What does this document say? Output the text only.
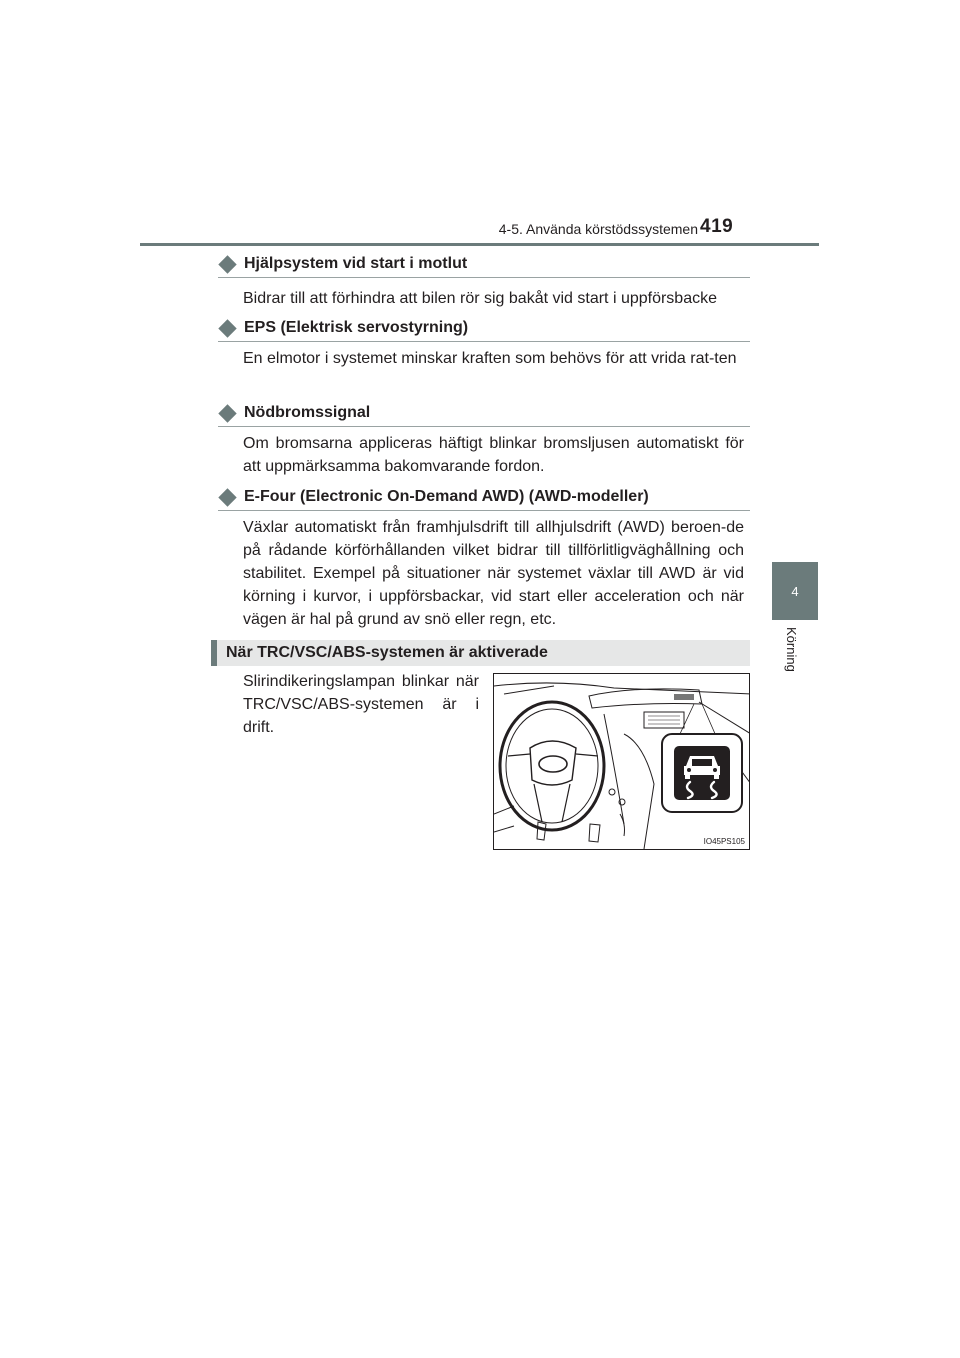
4-5. Använda körstödssystemen 419
4
Körning
Hjälpsystem vid start i motlut
Bidrar till att förhindra att bilen rör sig bakåt vid start i uppförsbacke
EPS (Elektrisk servostyrning)
En elmotor i systemet minskar kraften som behövs för att vrida rat-ten
Nödbromssignal
Om bromsarna appliceras häftigt blinkar bromsljusen automatiskt för att uppmärksamma bakomvarande fordon.
E-Four (Electronic On-Demand AWD) (AWD-modeller)
Växlar automatiskt från framhjulsdrift till allhjulsdrift (AWD) beroen-de på rådande körförhållanden vilket bidrar till tillförlitligväghållning och stabilitet. Exempel på situationer när systemet växlar till AWD är vid körning i kurvor, i uppförsbackar, vid start eller acceleration och när vägen är hal på grund av snö eller regn, etc.
När TRC/VSC/ABS-systemen är aktiverade
Slirindikeringslampan blinkar när
TRC/VSC/ABS-systemen är i drift.
IO45PS105
